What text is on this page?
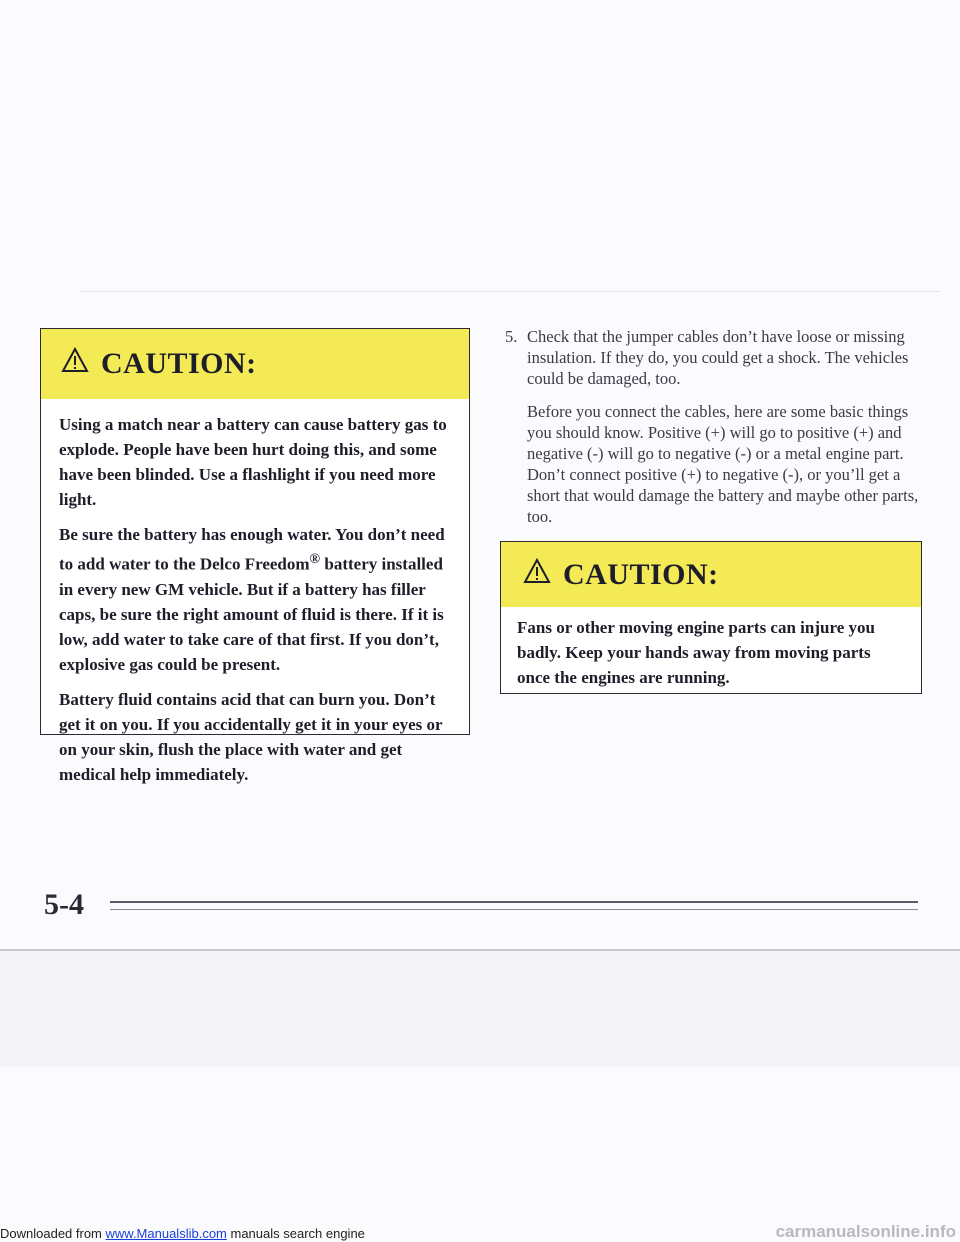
CAUTION:

Using a match near a battery can cause battery gas to explode. People have been hurt doing this, and some have been blinded. Use a flashlight if you need more light.

Be sure the battery has enough water. You don’t need to add water to the Delco Freedom® battery installed in every new GM vehicle. But if a battery has filler caps, be sure the right amount of fluid is there. If it is low, add water to take care of that first. If you don’t, explosive gas could be present.

Battery fluid contains acid that can burn you. Don’t get it on you. If you accidentally get it in your eyes or on your skin, flush the place with water and get medical help immediately.

5. Check that the jumper cables don’t have loose or missing insulation. If they do, you could get a shock. The vehicles could be damaged, too.

Before you connect the cables, here are some basic things you should know. Positive (+) will go to positive (+) and negative (-) will go to negative (-) or a metal engine part. Don’t connect positive (+) to negative (-), or you’ll get a short that would damage the battery and maybe other parts, too.

CAUTION:

Fans or other moving engine parts can injure you badly. Keep your hands away from moving parts once the engines are running.

5-4
Downloaded from www.Manualslib.com manuals search engine	carmanualsonline.info
